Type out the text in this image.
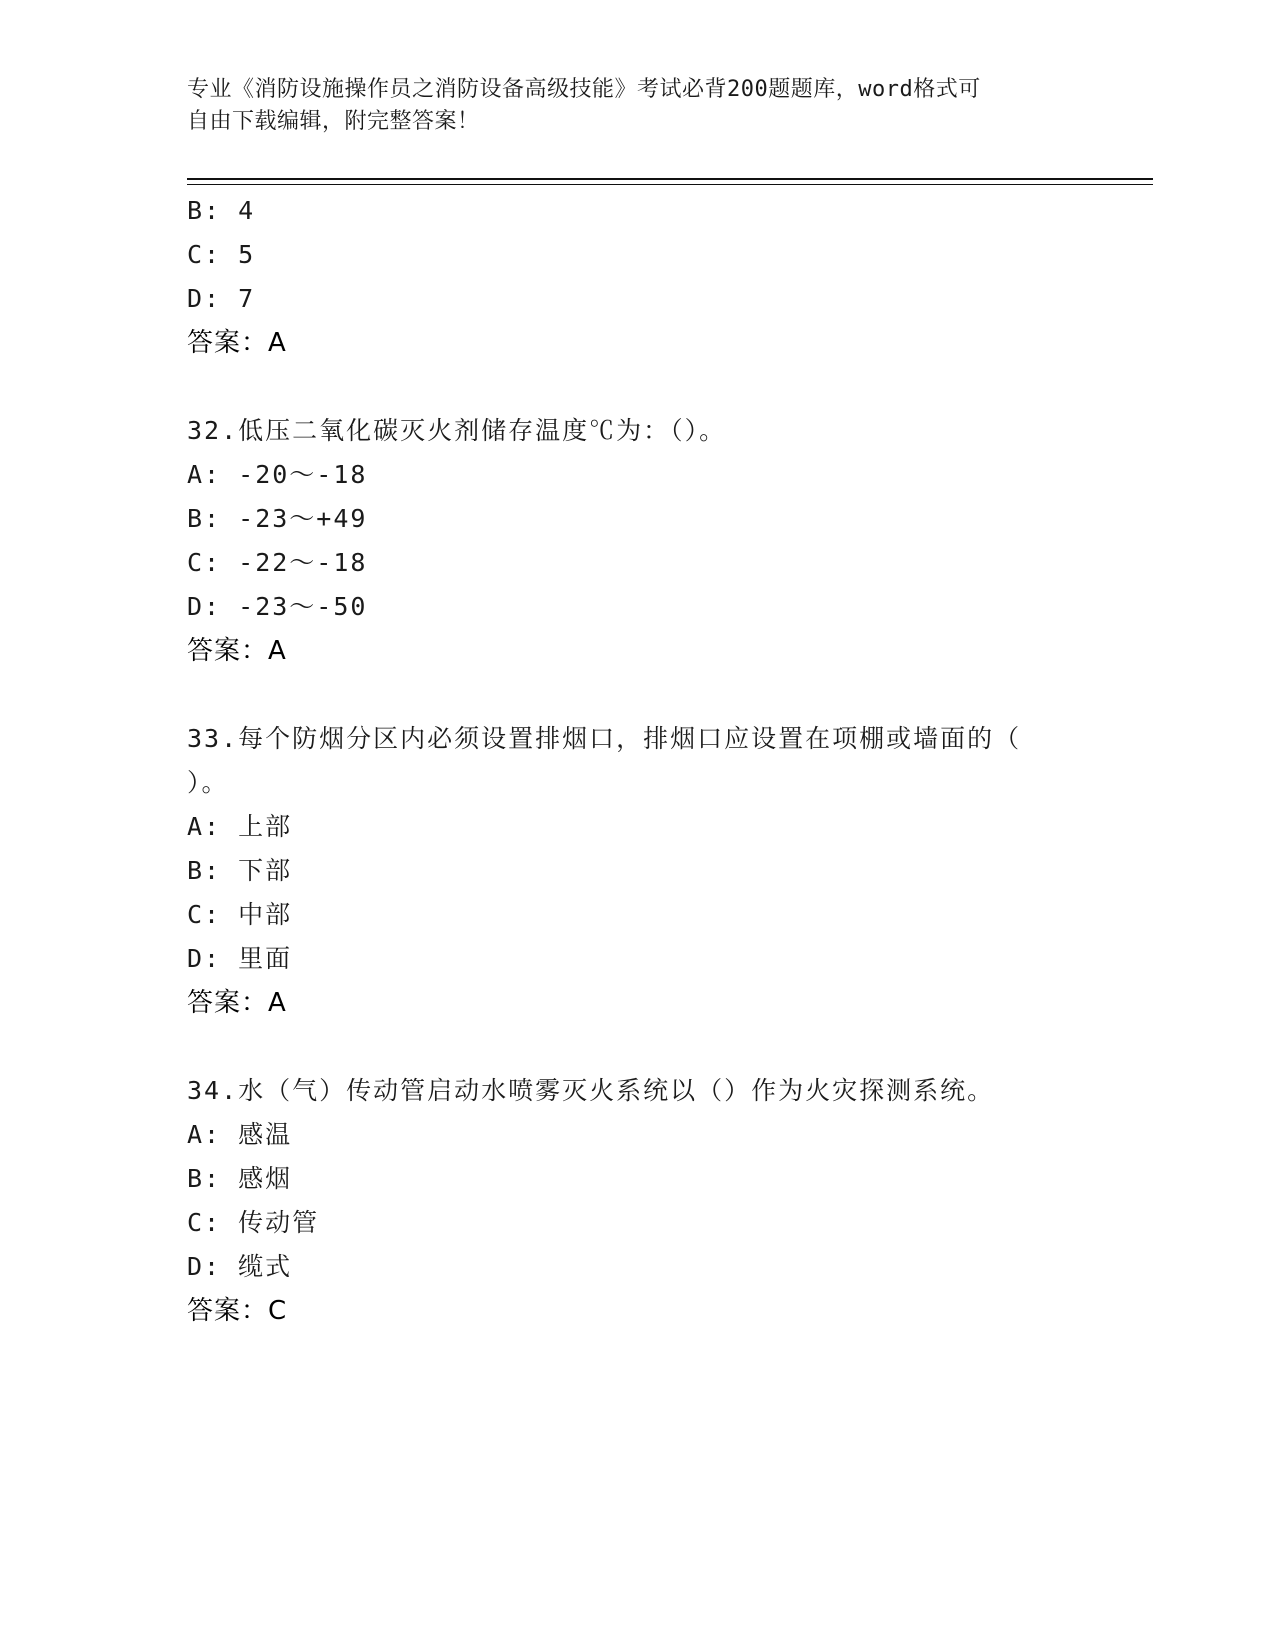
专业《消防设施操作员之消防设备高级技能》考试必背200题题库，word格式可
自由下载编辑，附完整答案！
B: 4
C: 5
D: 7
答案：A
32.低压二氧化碳灭火剂储存温度℃为：（）。
A: -20～-18
B: -23～+49
C: -22～-18
D: -23～-50
答案：A
33.每个防烟分区内必须设置排烟口，排烟口应设置在项棚或墙面的（
）。
A: 上部
B: 下部
C: 中部
D: 里面
答案：A
34.水（气）传动管启动水喷雾灭火系统以（）作为火灾探测系统。
A: 感温
B: 感烟
C: 传动管
D: 缆式
答案：C
